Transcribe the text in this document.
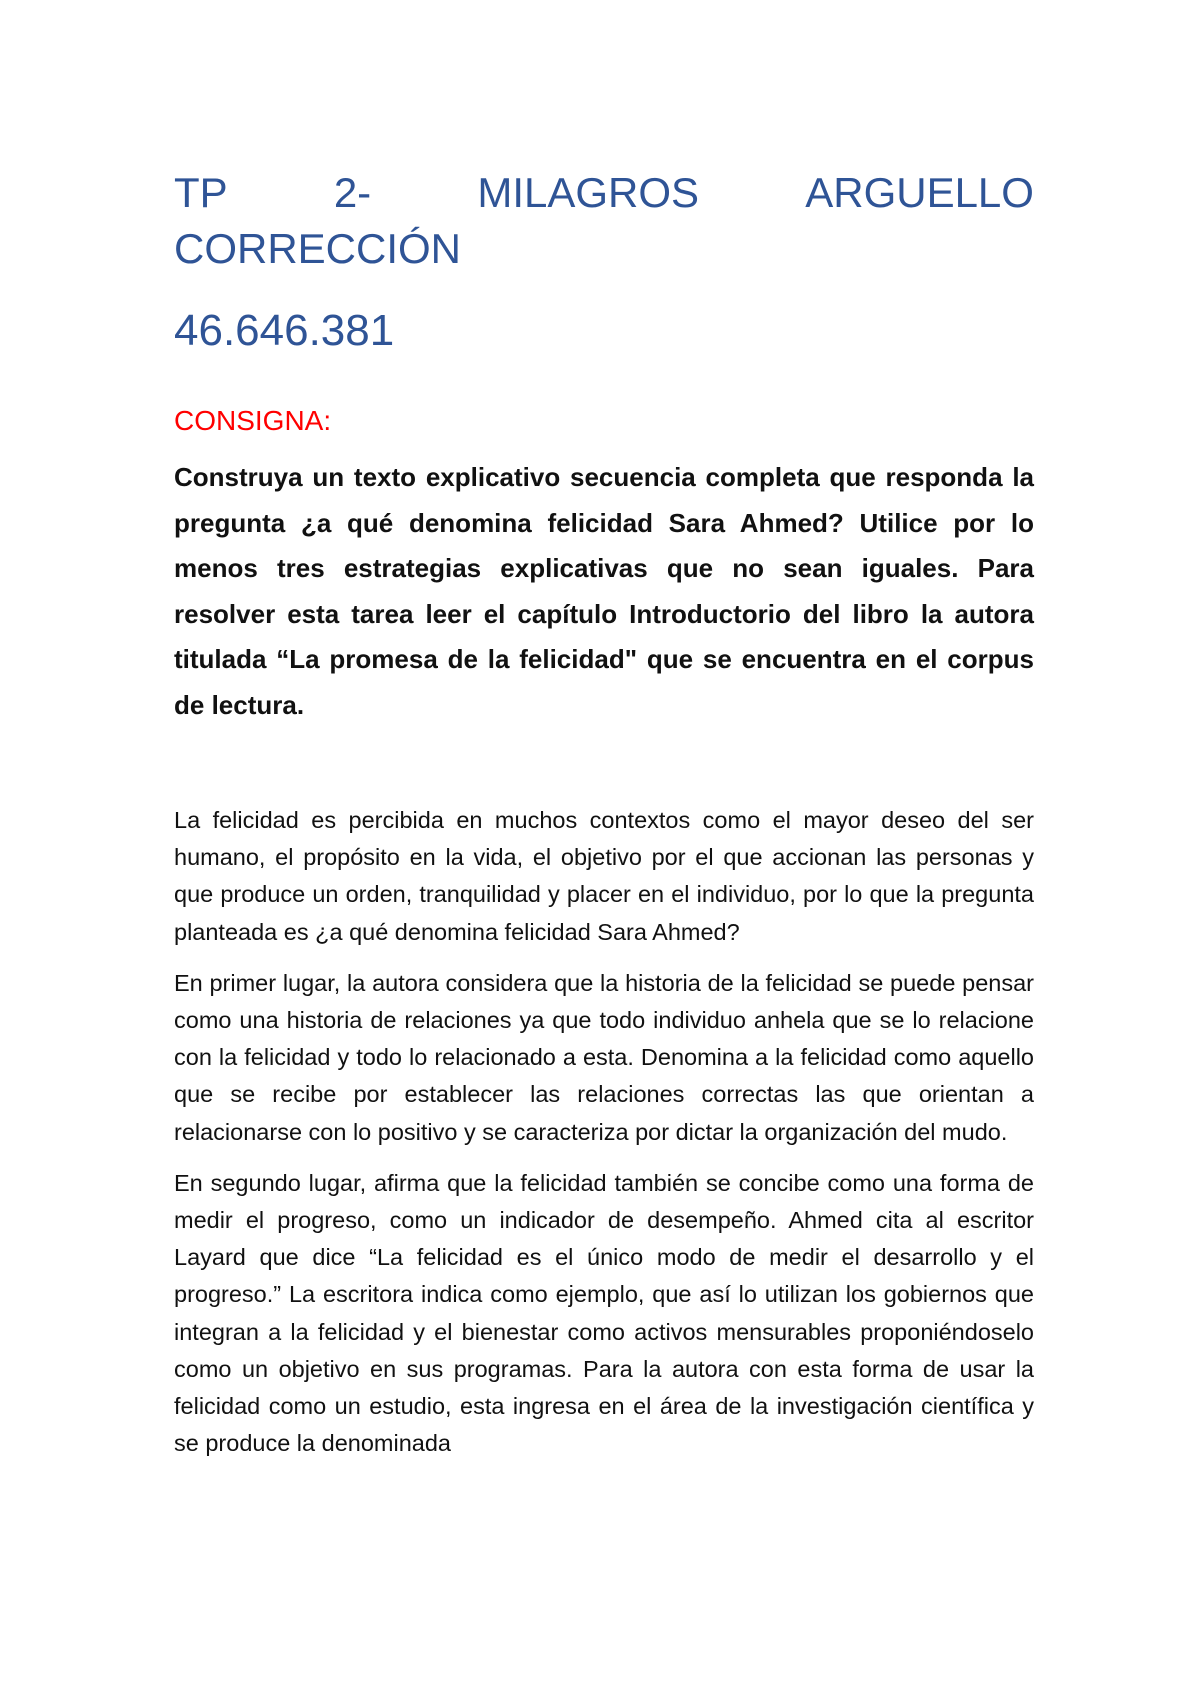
TP	2-	MILAGROS	ARGUELLO
CORRECCIÓN
46.646.381
CONSIGNA:

Construya un texto explicativo secuencia completa que responda la pregunta ¿a qué denomina felicidad Sara Ahmed? Utilice por lo menos tres estrategias explicativas que no sean iguales. Para resolver esta tarea leer el capítulo Introductorio del libro la autora titulada “La promesa de la felicidad" que se encuentra en el corpus de lectura.

La felicidad es percibida en muchos contextos como el mayor deseo del ser humano, el propósito en la vida, el objetivo por el que accionan las personas y que produce un orden, tranquilidad y placer en el individuo, por lo que la pregunta planteada es ¿a qué denomina felicidad Sara Ahmed?

En primer lugar, la autora considera que la historia de la felicidad se puede pensar como una historia de relaciones ya que todo individuo anhela que se lo relacione con la felicidad y todo lo relacionado a esta. Denomina a la felicidad como aquello que se recibe por establecer las relaciones correctas las que orientan a relacionarse con lo positivo y se caracteriza por dictar la organización del mudo.

En segundo lugar, afirma que la felicidad también se concibe como una forma de medir el progreso, como un indicador de desempeño. Ahmed cita al escritor Layard que dice “La felicidad es el único modo de medir el desarrollo y el progreso.” La escritora indica como ejemplo, que así lo utilizan los gobiernos que integran a la felicidad y el bienestar como activos mensurables proponiéndoselo como un objetivo en sus programas. Para la autora con esta forma de usar la felicidad como un estudio, esta ingresa en el área de la investigación científica y se produce la denominada
